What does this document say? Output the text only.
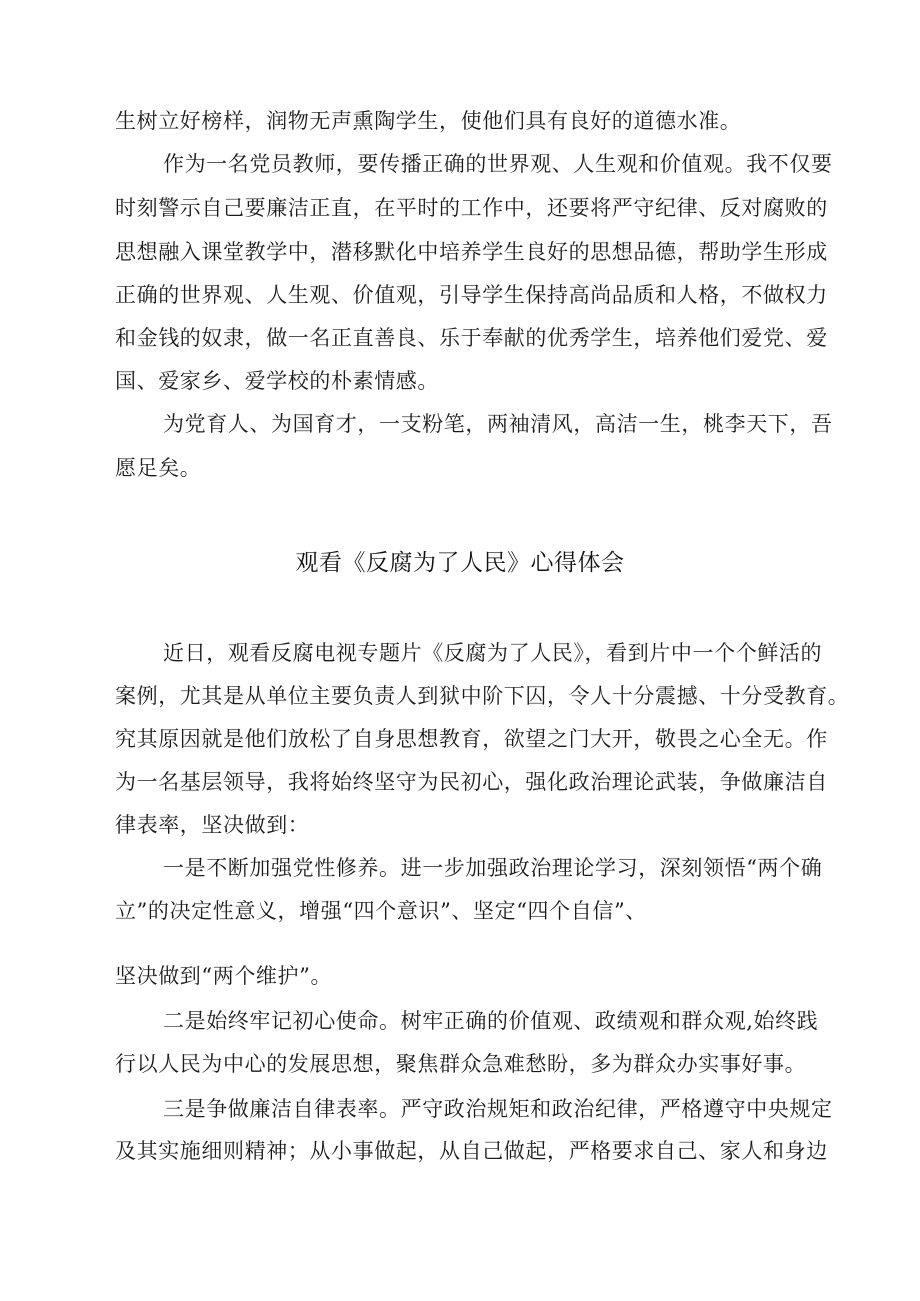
生树立好榜样，润物无声熏陶学生，使他们具有良好的道德水准。
作为一名党员教师，要传播正确的世界观、人生观和价值观。我不仅要
时刻警示自己要廉洁正直，在平时的工作中，还要将严守纪律、反对腐败的
思想融入课堂教学中，潜移默化中培养学生良好的思想品德，帮助学生形成
正确的世界观、人生观、价值观，引导学生保持高尚品质和人格，不做权力
和金钱的奴隶，做一名正直善良、乐于奉献的优秀学生，培养他们爱党、爱
国、爱家乡、爱学校的朴素情感。
为党育人、为国育才，一支粉笔，两袖清风，高洁一生，桃李天下，吾
愿足矣。
观看《反腐为了人民》心得体会
近日，观看反腐电视专题片《反腐为了人民》，看到片中一个个鲜活的
案例，尤其是从单位主要负责人到狱中阶下囚，令人十分震撼、十分受教育。
究其原因就是他们放松了自身思想教育，欲望之门大开，敬畏之心全无。作
为一名基层领导，我将始终坚守为民初心，强化政治理论武装，争做廉洁自
律表率，坚决做到：
一是不断加强党性修养。进一步加强政治理论学习，深刻领悟“两个确
立”的决定性意义，增强“四个意识”、坚定“四个自信”、
坚决做到“两个维护”。
二是始终牢记初心使命。树牢正确的价值观、政绩观和群众观,始终践
行以人民为中心的发展思想，聚焦群众急难愁盼，多为群众办实事好事。
三是争做廉洁自律表率。严守政治规矩和政治纪律，严格遵守中央规定
及其实施细则精神；从小事做起，从自己做起，严格要求自己、家人和身边
